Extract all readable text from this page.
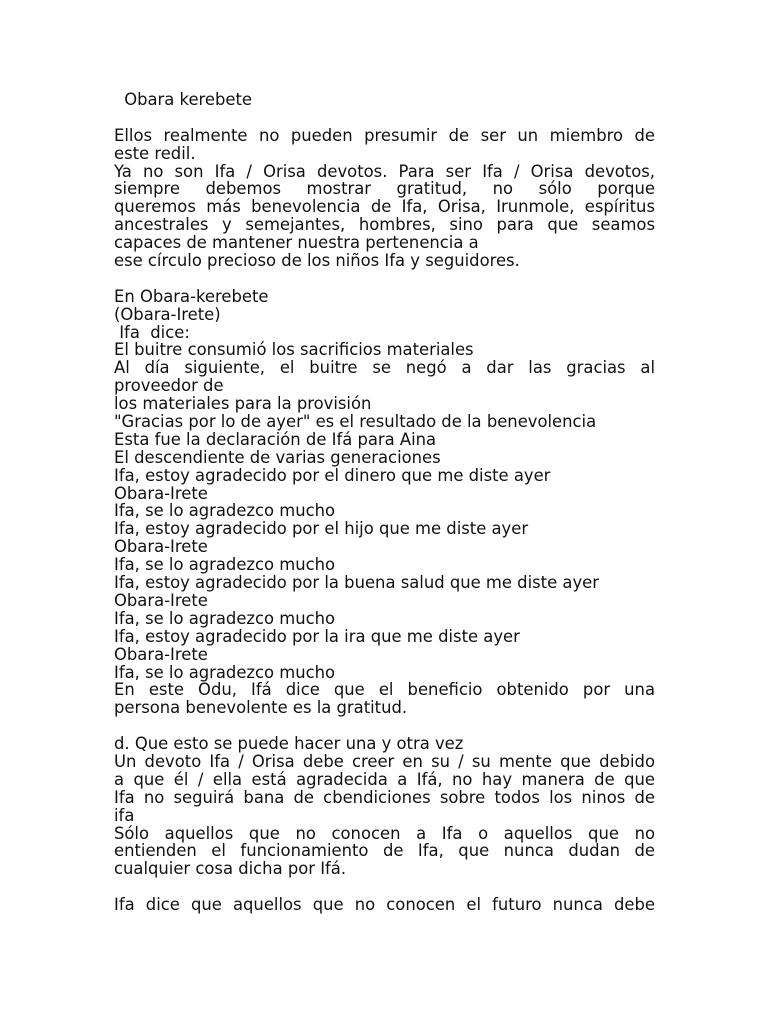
Obara kerebete
Ellos realmente no pueden presumir de ser un miembro de
este redil.
Ya no son Ifa / Orisa devotos. Para ser Ifa / Orisa devotos,
siempre debemos mostrar gratitud, no sólo porque
queremos más benevolencia de Ifa, Orisa, Irunmole, espíritus
ancestrales y semejantes, hombres, sino para que seamos
capaces de mantener nuestra pertenencia a
ese círculo precioso de los niños Ifa y seguidores.
En Obara-kerebete
(Obara-Irete)
Ifa  dice:
El buitre consumió los sacrificios materiales
Al día siguiente, el buitre se negó a dar las gracias al
proveedor de
los materiales para la provisión
"Gracias por lo de ayer" es el resultado de la benevolencia
Esta fue la declaración de Ifá para Aina
El descendiente de varias generaciones
Ifa, estoy agradecido por el dinero que me diste ayer
Obara-Irete
Ifa, se lo agradezco mucho
Ifa, estoy agradecido por el hijo que me diste ayer
Obara-Irete
Ifa, se lo agradezco mucho
Ifa, estoy agradecido por la buena salud que me diste ayer
Obara-Irete
Ifa, se lo agradezco mucho
Ifa, estoy agradecido por la ira que me diste ayer
Obara-Irete
Ifa, se lo agradezco mucho
En este Odu, Ifá dice que el beneficio obtenido por una
persona benevolente es la gratitud.
d. Que esto se puede hacer una y otra vez
Un devoto Ifa / Orisa debe creer en su / su mente que debido
a que él / ella está agradecida a Ifá, no hay manera de que
Ifa no seguirá bana de cbendiciones sobre todos los ninos de
ifa
Sólo aquellos que no conocen a Ifa o aquellos que no
entienden el funcionamiento de Ifa, que nunca dudan de
cualquier cosa dicha por Ifá.
Ifa dice que aquellos que no conocen el futuro nunca debe
